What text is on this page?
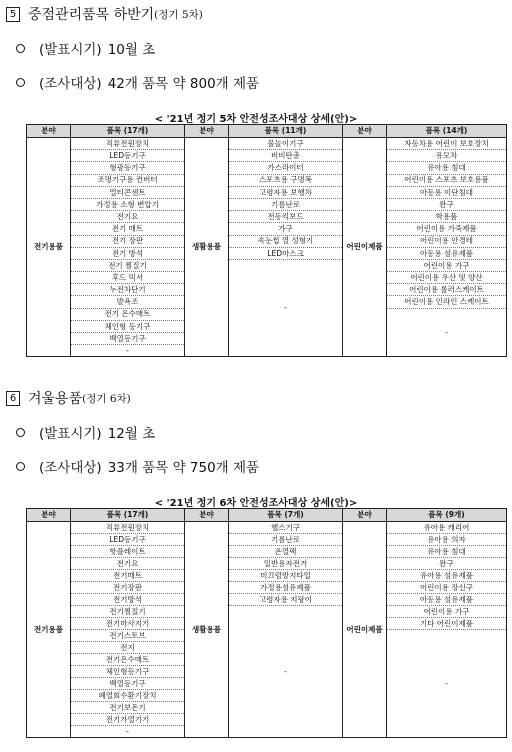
5 중점관리품목 하반기 (정기 5차)
(발표시기) 10월 초
(조사대상) 42개 품목 약 800개 제품
< '21년 정기 5차 안전성조사대상 상세(안)>
분야	품목 (17개)	분야	품목 (11개)	분야	품목 (14개)
전기용품	직류전원장치	생활용품	물놀이기구	어린이제품	자동차용 어린이 보호장치
	LED등기구		비비탄총		유모차
	형광등기구		가스라이터		유아용 침대
	조명기구용 컨버터		스포츠용 구명복		어린이용 스포츠 보호용품
	멀티콘센트		고령자용 보행차		아동용 이단침대
	가정용 소형 변압기		기름난로		완구
	전기요		전동킥보드		학용품
	전기 매트		가구		어린이용 가죽제품
	전기 장판		속눈썹 열 성형기		어린이용 안경테
	전기 방석		LED마스크		아동용 섬유제품
	전기 찜질기		-		어린이용 가구
	후드 믹서				어린이용 우산 및 양산
	누전차단기				어린이용 롤러스케이트
	발욕조				어린이용 인라인 스케이트
	전기 온수매트				-
	체인형 등기구				
	백열등기구				
	-				
6 겨울용품 (정기 6차)
(발표시기) 12월 초
(조사대상) 33개 품목 약 750개 제품
< '21년 정기 6차 안전성조사대상 상세(안)>
분야	품목 (17개)	분야	품목 (7개)	분야	품목 (9개)
전기용품	직류전원장치	생활용품	헬스기구	어린이제품	유아용 캐리어
	LED등기구		기름난로		유아용 의자
	핫플레이트		온열팩		유아용 침대
	전기요		일반용자전거		완구
	전기매트		미끄럼방지타일		유아용 섬유제품
	전기장판		가정용섬유제품		어린이용 장신구
	전기방석		고령자용 지팡이		아동용 섬유제품
	전기찜질기		-		어린이용 가구
	전기마사지기				기타 어린이제품
	전기스토브				-
	전지				
	전기온수매트				
	체인형등기구				
	백열등기구				
	폐열회수환기장치				
	전기보온기				
	전기가열기기				
	-				
